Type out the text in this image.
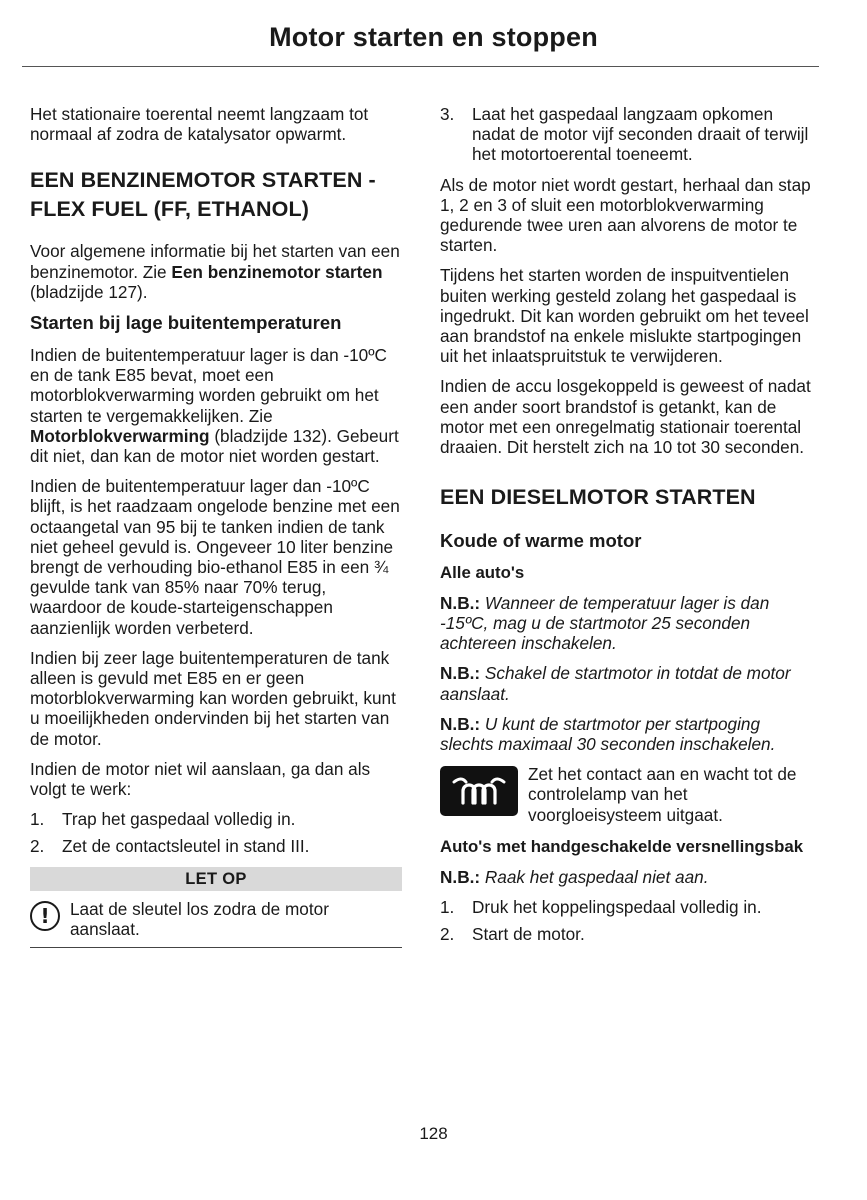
Motor starten en stoppen

Het stationaire toerental neemt langzaam tot normaal af zodra de katalysator opwarmt.

EEN BENZINEMOTOR STARTEN - FLEX FUEL (FF, ETHANOL)

Voor algemene informatie bij het starten van een benzinemotor. Zie Een benzinemotor starten (bladzijde 127).

Starten bij lage buitentemperaturen

Indien de buitentemperatuur lager is dan -10ºC en de tank E85 bevat, moet een motorblokverwarming worden gebruikt om het starten te vergemakkelijken. Zie Motorblokverwarming (bladzijde 132). Gebeurt dit niet, dan kan de motor niet worden gestart.

Indien de buitentemperatuur lager dan -10ºC blijft, is het raadzaam ongelode benzine met een octaangetal van 95 bij te tanken indien de tank niet geheel gevuld is. Ongeveer 10 liter benzine brengt de verhouding bio-ethanol E85 in een ¾ gevulde tank van 85% naar 70% terug, waardoor de koude-starteigenschappen aanzienlijk worden verbeterd.

Indien bij zeer lage buitentemperaturen de tank alleen is gevuld met E85 en er geen motorblokverwarming kan worden gebruikt, kunt u moeilijkheden ondervinden bij het starten van de motor.

Indien de motor niet wil aanslaan, ga dan als volgt te werk:

1.	Trap het gaspedaal volledig in.
2.	Zet de contactsleutel in stand III.
LET OP
!	Laat de sleutel los zodra de motor aanslaat.
3.	Laat het gaspedaal langzaam opkomen nadat de motor vijf seconden draait of terwijl het motortoerental toeneemt.

Als de motor niet wordt gestart, herhaal dan stap 1, 2 en 3 of sluit een motorblokverwarming gedurende twee uren aan alvorens de motor te starten.

Tijdens het starten worden de inspuitventielen buiten werking gesteld zolang het gaspedaal is ingedrukt. Dit kan worden gebruikt om het teveel aan brandstof na enkele mislukte startpogingen uit het inlaatspruitstuk te verwijderen.

Indien de accu losgekoppeld is geweest of nadat een ander soort brandstof is getankt, kan de motor met een onregelmatig stationair toerental draaien. Dit herstelt zich na 10 tot 30 seconden.

EEN DIESELMOTOR STARTEN
Koude of warme motor
Alle auto's

N.B.: Wanneer de temperatuur lager is dan -15ºC, mag u de startmotor 25 seconden achtereen inschakelen.

N.B.: Schakel de startmotor in totdat de motor aanslaat.

N.B.: U kunt de startmotor per startpoging slechts maximaal 30 seconden inschakelen.

Zet het contact aan en wacht tot de controlelamp van het voorgloeisysteem uitgaat.
Auto's met handgeschakelde versnellingsbak

N.B.: Raak het gaspedaal niet aan.

1.	Druk het koppelingspedaal volledig in.
2.	Start de motor.
128
